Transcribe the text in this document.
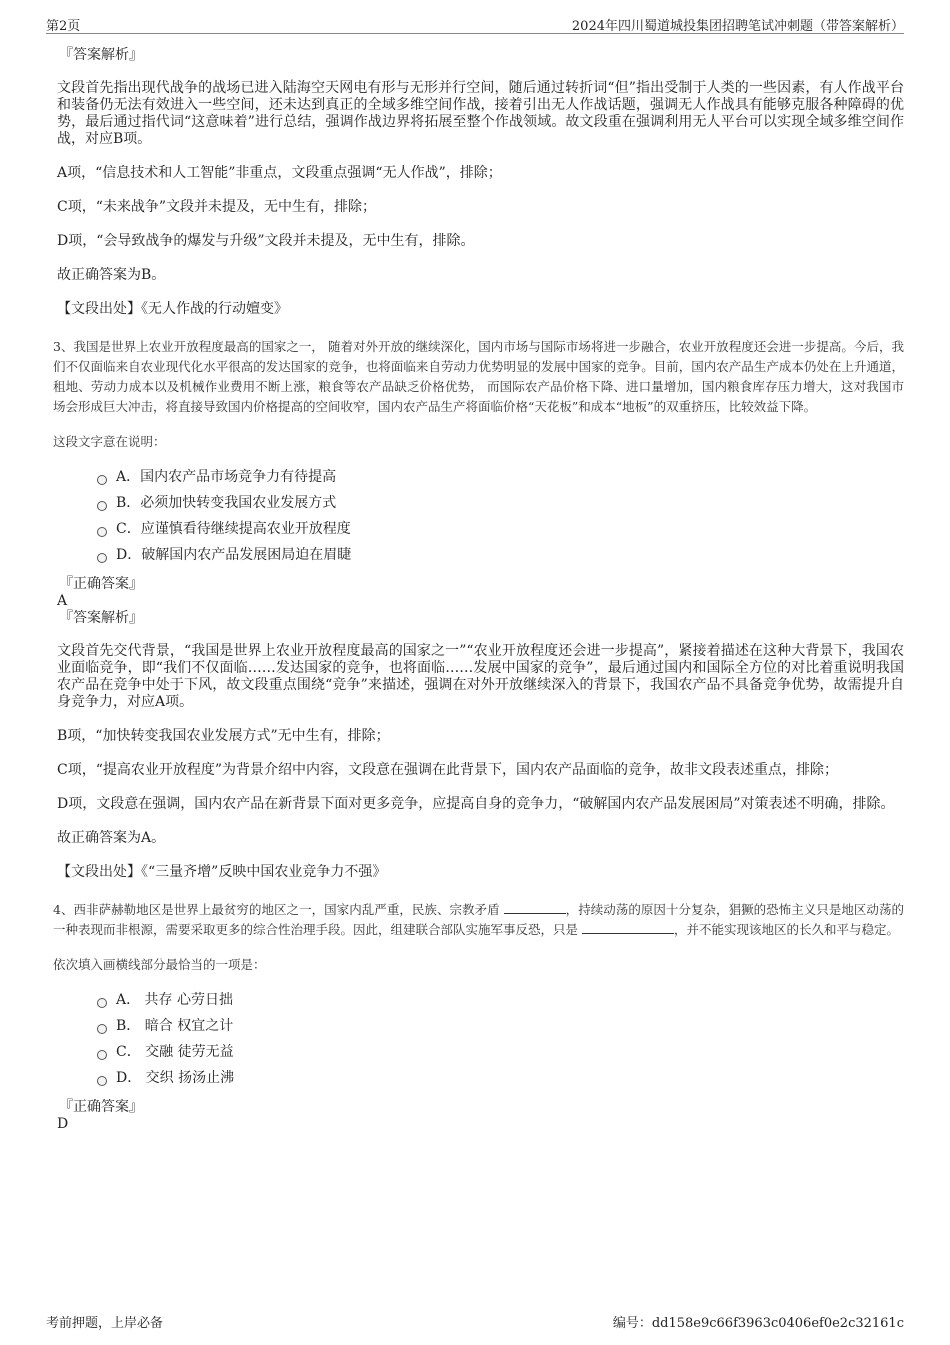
第2页	2024年四川蜀道城投集团招聘笔试冲刺题（带答案解析）

『答案解析』

文段首先指出现代战争的战场已进入陆海空天网电有形与无形并行空间，随后通过转折词“但”指出受制于人类的一些因素，有人作战平台和装备仍无法有效进入一些空间，还未达到真正的全域多维空间作战，接着引出无人作战话题，强调无人作战具有能够克服各种障碍的优势，最后通过指代词“这意味着”进行总结，强调作战边界将拓展至整个作战领域。故文段重在强调利用无人平台可以实现全域多维空间作战，对应B项。

A项，“信息技术和人工智能”非重点，文段重点强调“无人作战”，排除；

C项，“未来战争”文段并未提及，无中生有，排除；

D项，“会导致战争的爆发与升级”文段并未提及，无中生有，排除。

故正确答案为B。

【文段出处】《无人作战的行动嬗变》

3、我国是世界上农业开放程度最高的国家之一， 随着对外开放的继续深化，国内市场与国际市场将进一步融合，农业开放程度还会进一步提高。今后，我们不仅面临来自农业现代化水平很高的发达国家的竞争，也将面临来自劳动力优势明显的发展中国家的竞争。目前，国内农产品生产成本仍处在上升通道，租地、劳动力成本以及机械作业费用不断上涨，粮食等农产品缺乏价格优势， 而国际农产品价格下降、进口量增加，国内粮食库存压力增大，这对我国市场会形成巨大冲击，将直接导致国内价格提高的空间收窄，国内农产品生产将面临价格“天花板”和成本“地板”的双重挤压，比较效益下降。

这段文字意在说明：

A．国内农产品市场竞争力有待提高
B．必须加快转变我国农业发展方式
C．应谨慎看待继续提高农业开放程度
D．破解国内农产品发展困局迫在眉睫

『正确答案』

A

『答案解析』

文段首先交代背景，“我国是世界上农业开放程度最高的国家之一”“农业开放程度还会进一步提高”，紧接着描述在这种大背景下，我国农业面临竞争，即“我们不仅面临……发达国家的竞争，也将面临……发展中国家的竞争”，最后通过国内和国际全方位的对比着重说明我国农产品在竞争中处于下风，故文段重点围绕“竞争”来描述，强调在对外开放继续深入的背景下，我国农产品不具备竞争优势，故需提升自身竞争力，对应A项。

B项，“加快转变我国农业发展方式”无中生有，排除；

C项，“提高农业开放程度”为背景介绍中内容，文段意在强调在此背景下，国内农产品面临的竞争，故非文段表述重点，排除；

D项，文段意在强调，国内农产品在新背景下面对更多竞争，应提高自身的竞争力，“破解国内农产品发展困局”对策表述不明确，排除。

故正确答案为A。

【文段出处】《“三量齐增”反映中国农业竞争力不强》

4、西非萨赫勒地区是世界上最贫穷的地区之一，国家内乱严重，民族、宗教矛盾	，持续动荡的原因十分复杂，猖獗的恐怖主义只是地区动荡的一种表现而非根源，需要采取更多的综合性治理手段。因此，组建联合部队实施军事反恐，只是	，并不能实现该地区的长久和平与稳定。

依次填入画横线部分最恰当的一项是：

A． 共存 心劳日拙
B． 暗合 权宜之计
C． 交融 徒劳无益
D． 交织 扬汤止沸

『正确答案』

D

考前押题，上岸必备	编号：dd158e9c66f3963c0406ef0e2c32161c
